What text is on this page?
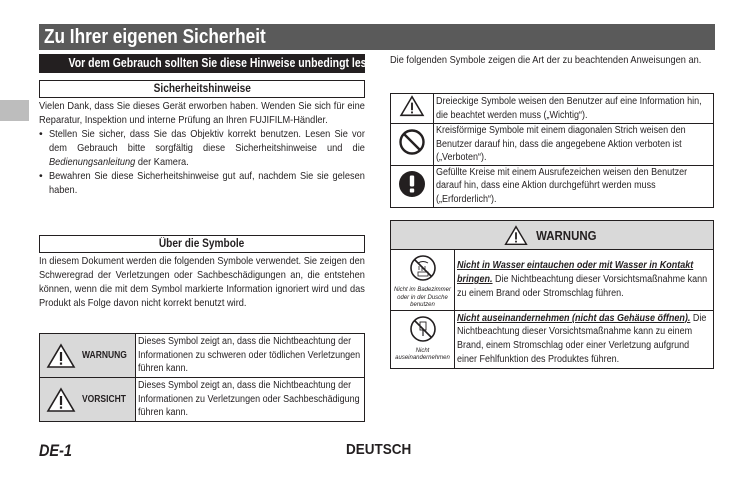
Zu Ihrer eigenen Sicherheit
Vor dem Gebrauch sollten Sie diese Hinweise unbedingt lesen
Sicherheitshinweise
Vielen Dank, dass Sie dieses Gerät erworben haben. Wenden Sie sich für eine Reparatur, Inspektion und interne Prüfung an Ihren FUJIFILM-Händler.
• Stellen Sie sicher, dass Sie das Objektiv korrekt benutzen. Lesen Sie vor dem Gebrauch bitte sorgfältig diese Sicherheitshinweise und die Bedienungsanleitung der Kamera.
• Bewahren Sie diese Sicherheitshinweise gut auf, nachdem Sie sie gelesen haben.
Über die Symbole
In diesem Dokument werden die folgenden Symbole verwendet. Sie zeigen den Schweregrad der Verletzungen oder Sachbeschädigungen an, die entstehen können, wenn die mit dem Symbol markierte Information ignoriert wird und das Produkt als Folge davon nicht korrekt benutzt wird.
WARNUNG	Dieses Symbol zeigt an, dass die Nichtbeachtung der Informationen zu schweren oder tödlichen Verletzungen führen kann.

VORSICHT	Dieses Symbol zeigt an, dass die Nichtbeachtung der Informationen zu Verletzungen oder Sachbeschädigung führen kann.
Die folgenden Symbole zeigen die Art der zu beachtenden Anweisungen an.

Dreieckige Symbole weisen den Benutzer auf eine Information hin, die beachtet werden muss („Wichtig“).

Kreisförmige Symbole mit einem diagonalen Strich weisen den Benutzer darauf hin, dass die angegebene Aktion verboten ist („Verboten“).

Gefüllte Kreise mit einem Ausrufezeichen weisen den Benutzer darauf hin, dass eine Aktion durchgeführt werden muss („Erforderlich“).
WARNUNG	

Nicht im Badezimmer oder in der Dusche benutzen	Nicht in Wasser eintauchen oder mit Wasser in Kontakt bringen. Die Nichtbeachtung dieser Vorsichtsmaßnahme kann zu einem Brand oder Stromschlag führen.

Nicht auseinandernehmen	Nicht auseinandernehmen (nicht das Gehäuse öffnen). Die Nichtbeachtung dieser Vorsichtsmaßnahme kann zu einem Brand, einem Stromschlag oder einer Verletzung aufgrund einer Fehlfunktion des Produktes führen.
DE-1	DEUTSCH
